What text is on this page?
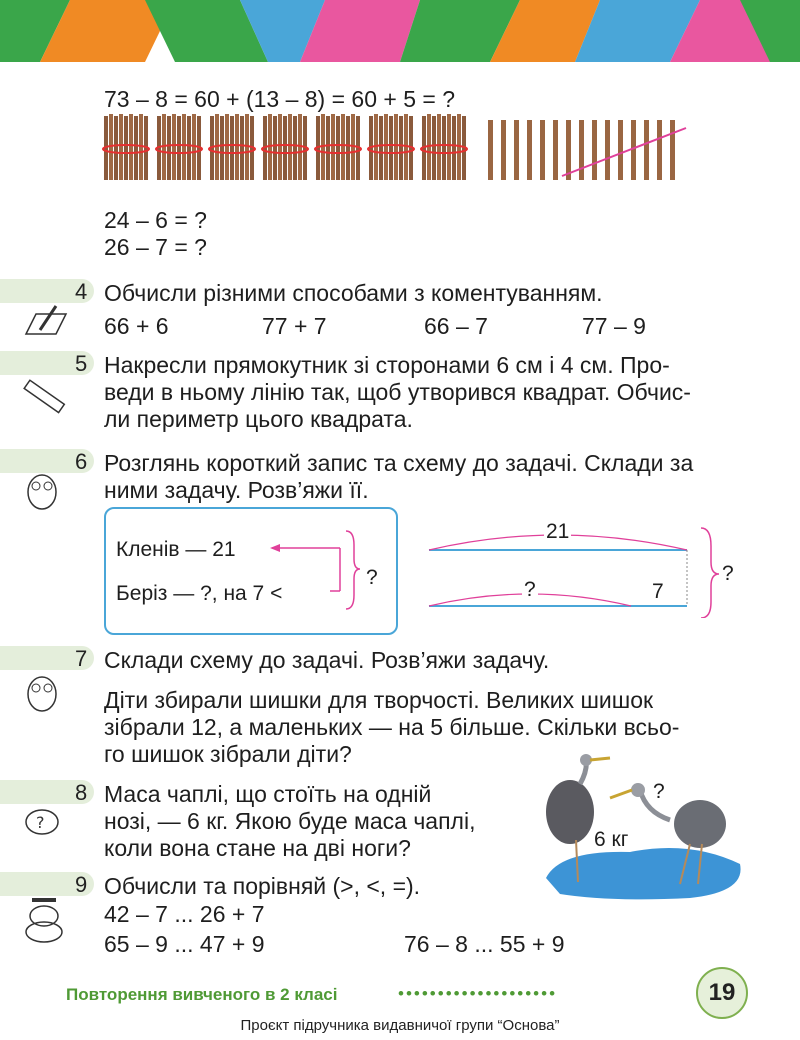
73 – 8 = 60 + (13 – 8) = 60 + 5 = ?
24 – 6 = ?
26 – 7 = ?
4 Обчисли різними способами з коментуванням.
66 + 6	77 + 7	66 – 7	77 – 9
5 Накресли прямокутник зі сторонами 6 см і 4 см. Про-
веди в ньому лінію так, щоб утворився квадрат. Обчис-
ли периметр цього квадрата.
6 Розглянь короткий запис та схему до задачі. Склади за
ними задачу. Розв’яжи її.
Кленів — 21
Беріз — ?, на 7 <
?
21
?	7
?
7 Склади схему до задачі. Розв’яжи задачу.
Діти збирали шишки для творчості. Великих шишок
зібрали 12, а маленьких — на 5 більше. Скільки всьо-
го шишок зібрали діти?
8
?
Маса чаплі, що стоїть на одній
нозі, — 6 кг. Якою буде маса чаплі,
коли вона стане на дві ноги?	6 кг
?
9 Обчисли та порівняй (>, <, =).
42 – 7 ... 26 + 7
65 – 9 ... 47 + 9	76 – 8 ... 55 + 9
Повторення вивченого в 2 класі	••••••••••••••••••••	19
Проєкт підручника видавничої групи “Основа”
